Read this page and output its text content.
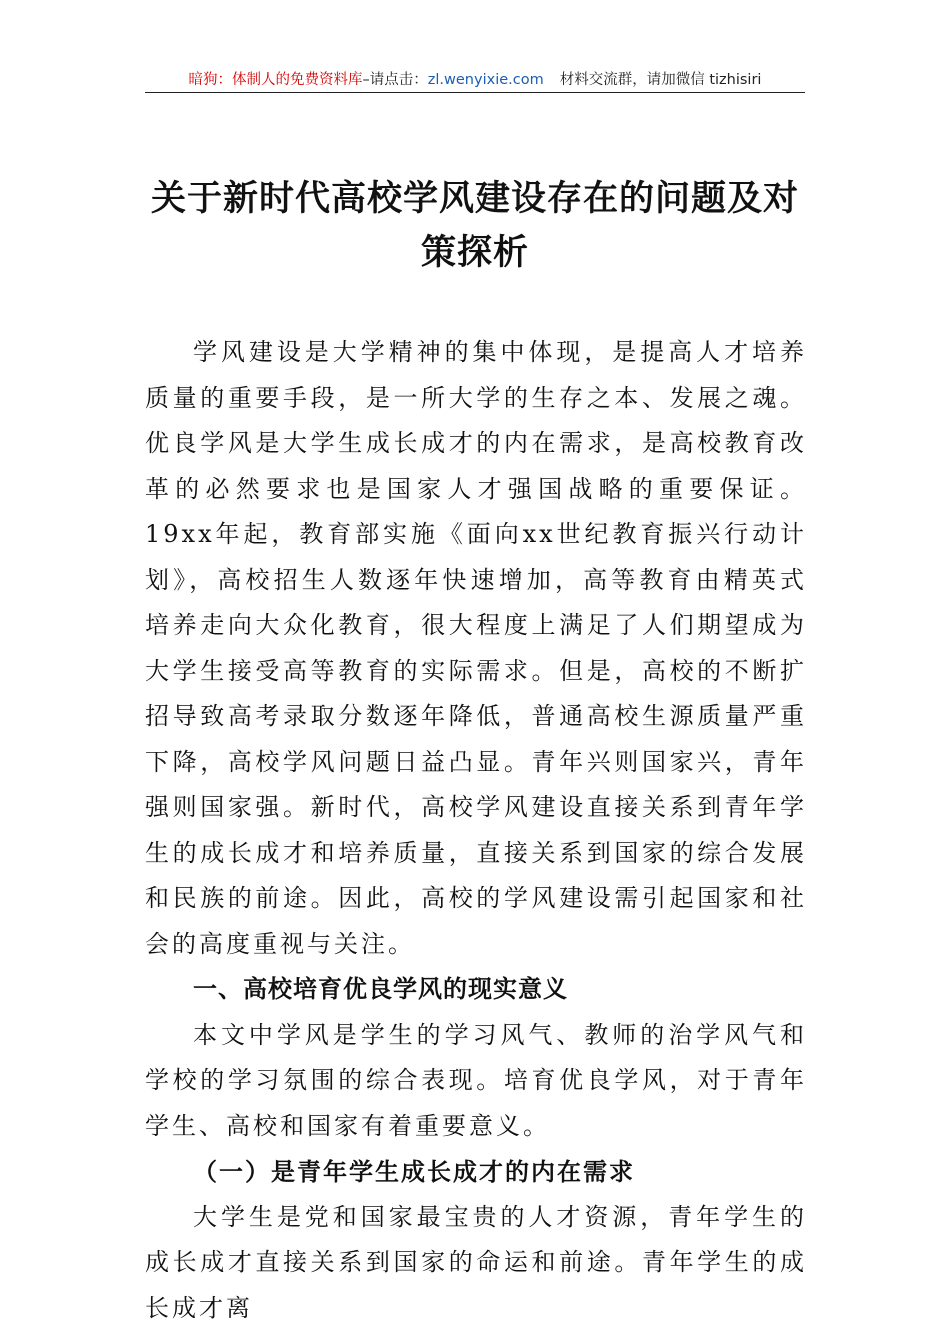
暗狗：体制人的免费资料库–请点击：zl.wenyixie.com 材料交流群，请加微信 tizhisiri
关于新时代高校学风建设存在的问题及对
策探析

学风建设是大学精神的集中体现，是提高人才培养质量的重要手段，是一所大学的生存之本、发展之魂。优良学风是大学生成长成才的内在需求，是高校教育改革的必然要求也是国家人才强国战略的重要保证。19xx年起，教育部实施《面向xx世纪教育振兴行动计划》，高校招生人数逐年快速增加，高等教育由精英式培养走向大众化教育，很大程度上满足了人们期望成为大学生接受高等教育的实际需求。但是，高校的不断扩招导致高考录取分数逐年降低，普通高校生源质量严重下降，高校学风问题日益凸显。青年兴则国家兴，青年强则国家强。新时代，高校学风建设直接关系到青年学生的成长成才和培养质量，直接关系到国家的综合发展和民族的前途。因此，高校的学风建设需引起国家和社会的高度重视与关注。

一、高校培育优良学风的现实意义

本文中学风是学生的学习风气、教师的治学风气和学校的学习氛围的综合表现。培育优良学风，对于青年学生、高校和国家有着重要意义。

（一）是青年学生成长成才的内在需求

大学生是党和国家最宝贵的人才资源，青年学生的成长成才直接关系到国家的命运和前途。青年学生的成长成才离
